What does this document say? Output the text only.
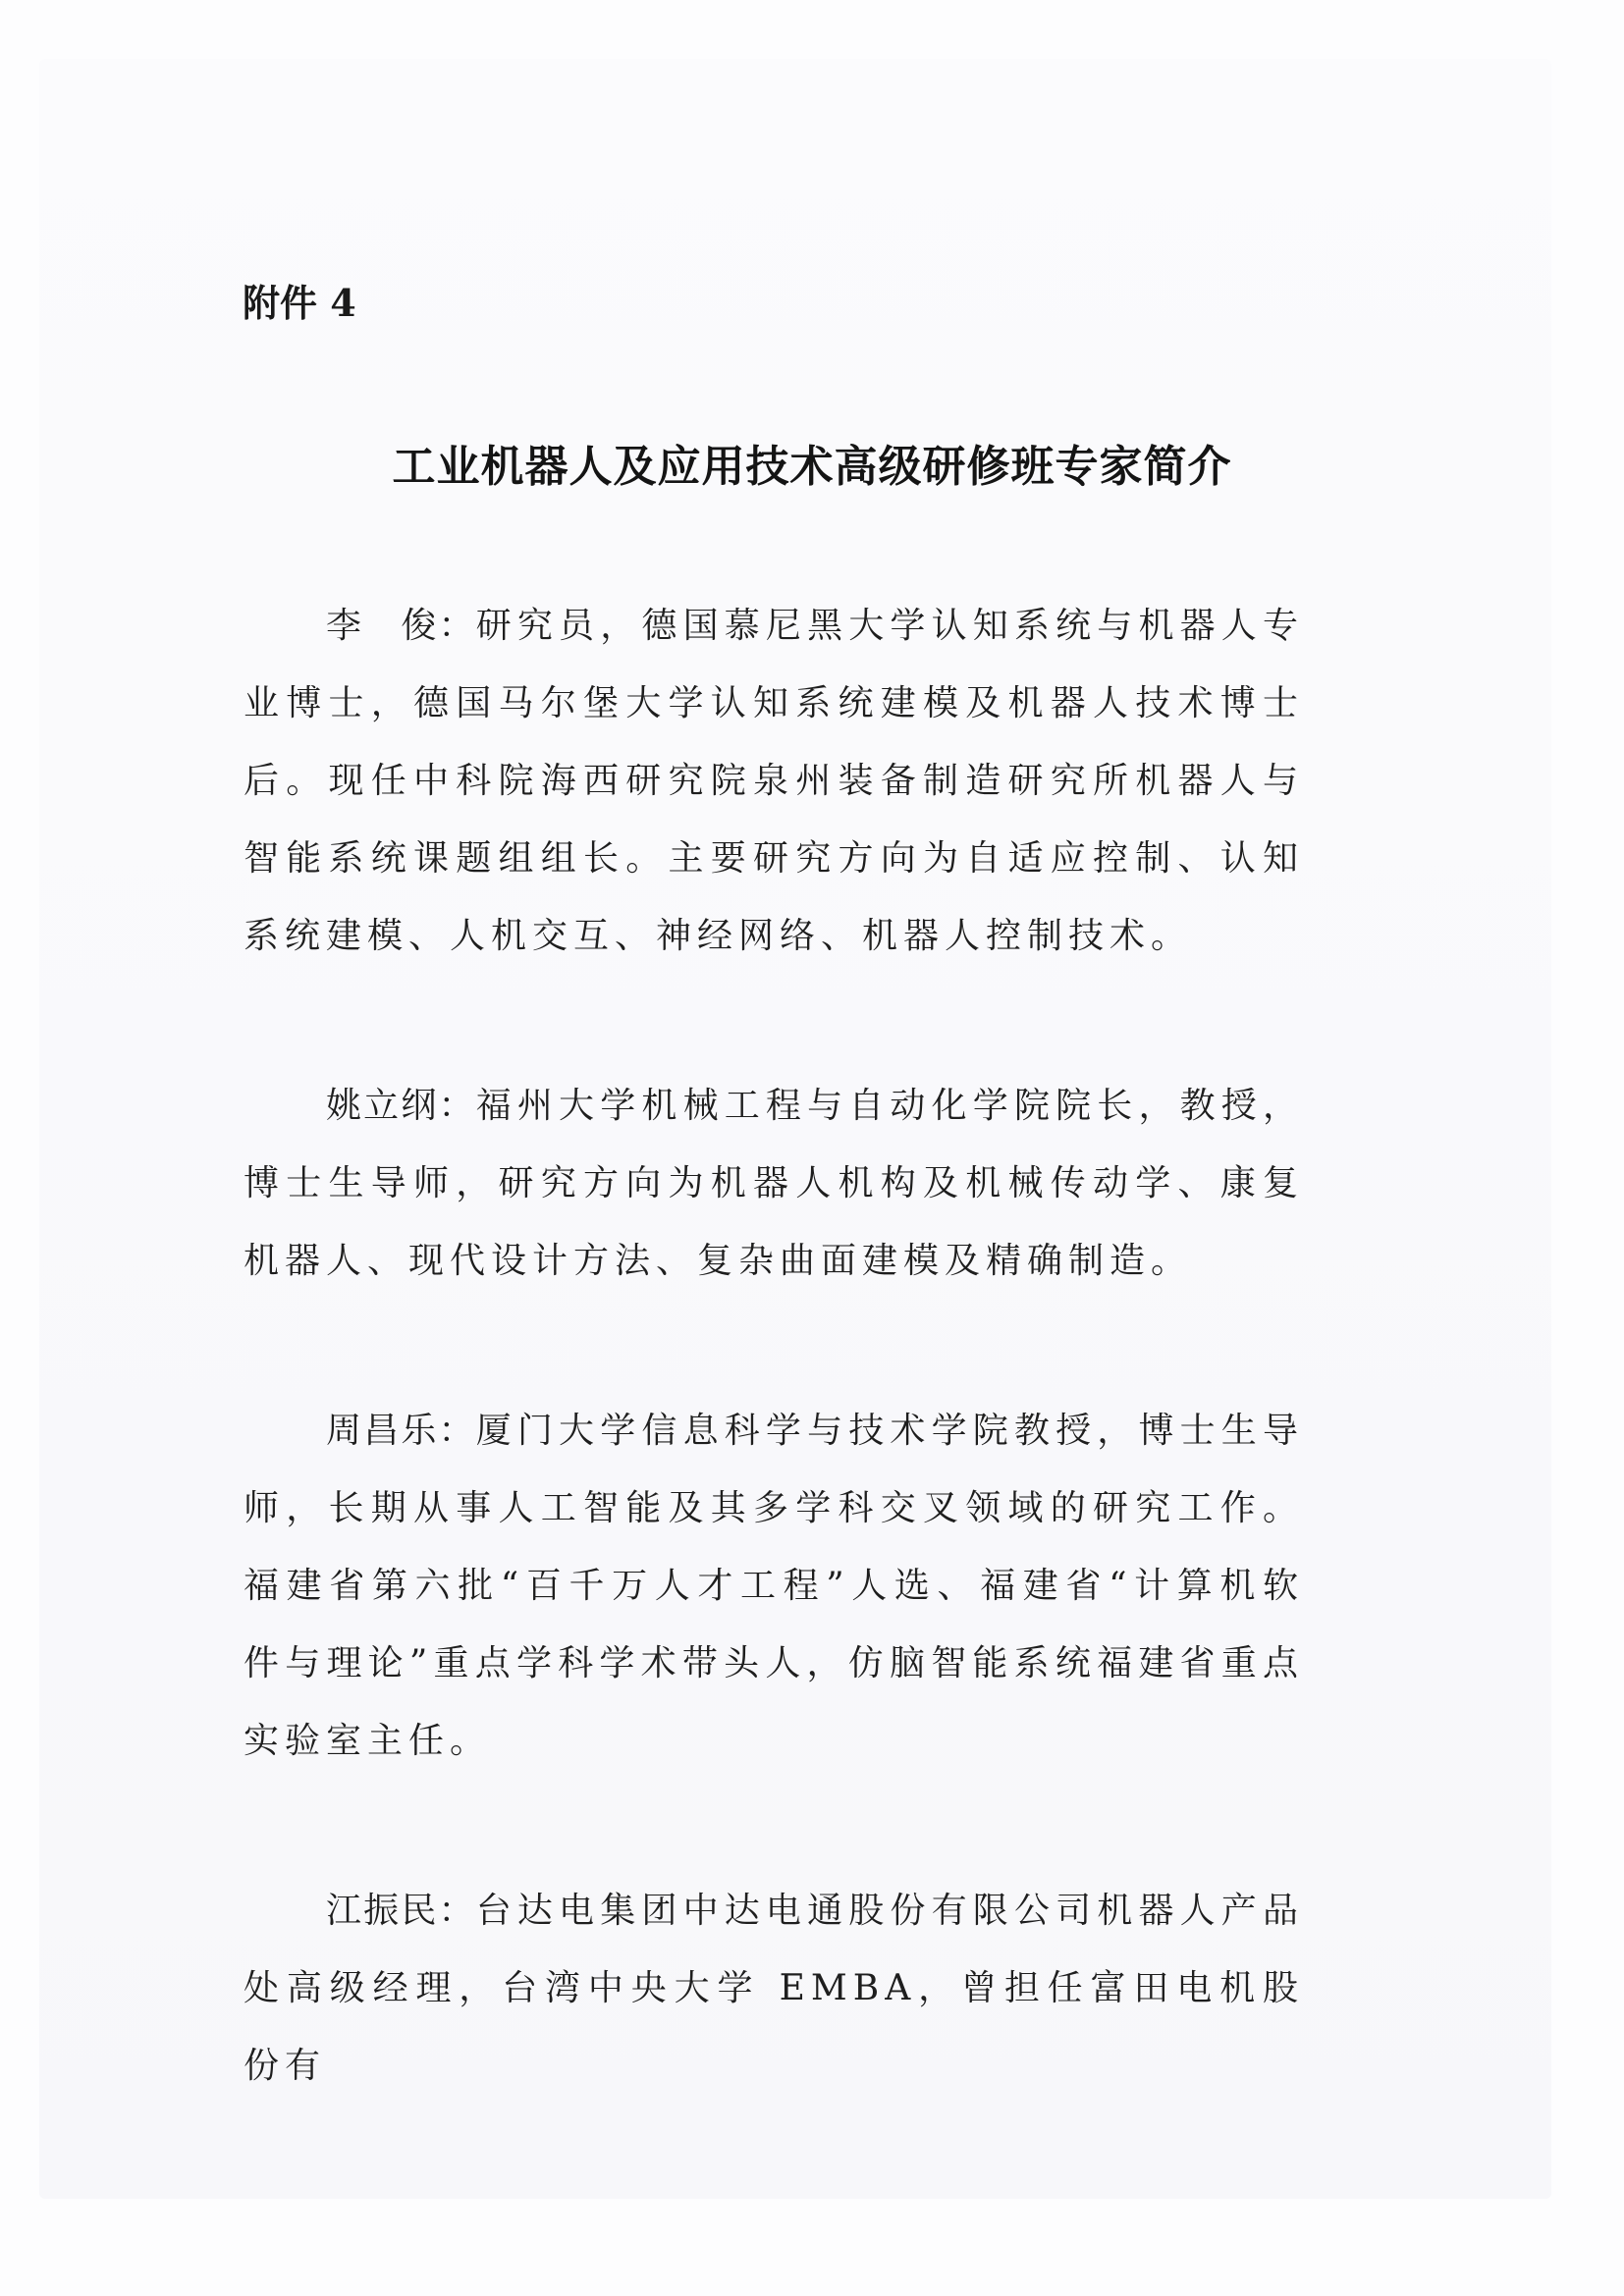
附件 4

工业机器人及应用技术高级研修班专家简介

李　俊：研究员，德国慕尼黑大学认知系统与机器人专业博士，德国马尔堡大学认知系统建模及机器人技术博士后。现任中科院海西研究院泉州装备制造研究所机器人与智能系统课题组组长。主要研究方向为自适应控制、认知系统建模、人机交互、神经网络、机器人控制技术。

姚立纲：福州大学机械工程与自动化学院院长，教授，博士生导师，研究方向为机器人机构及机械传动学、康复机器人、现代设计方法、复杂曲面建模及精确制造。

周昌乐：厦门大学信息科学与技术学院教授，博士生导师，长期从事人工智能及其多学科交叉领域的研究工作。福建省第六批“百千万人才工程”人选、福建省“计算机软件与理论”重点学科学术带头人，仿脑智能系统福建省重点实验室主任。

江振民：台达电集团中达电通股份有限公司机器人产品处高级经理，台湾中央大学 EMBA，曾担任富田电机股份有
